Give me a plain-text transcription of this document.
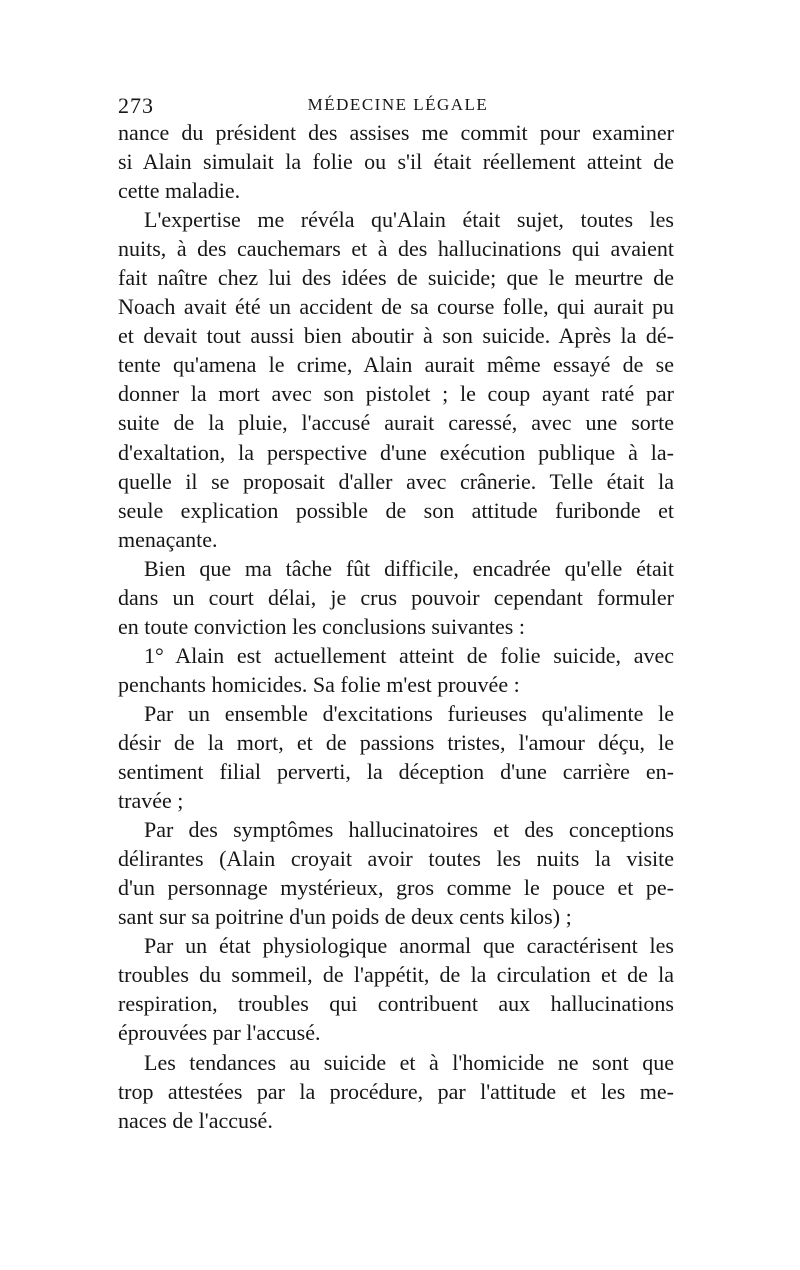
273	MÉDECINE LÉGALE
nance du président des assises me commit pour examiner
si Alain simulait la folie ou s'il était réellement atteint de
cette maladie.
L'expertise me révéla qu'Alain était sujet, toutes les
nuits, à des cauchemars et à des hallucinations qui avaient
fait naître chez lui des idées de suicide; que le meurtre de
Noach avait été un accident de sa course folle, qui aurait pu
et devait tout aussi bien aboutir à son suicide. Après la dé-
tente qu'amena le crime, Alain aurait même essayé de se
donner la mort avec son pistolet ; le coup ayant raté par
suite de la pluie, l'accusé aurait caressé, avec une sorte
d'exaltation, la perspective d'une exécution publique à la-
quelle il se proposait d'aller avec crânerie. Telle était la
seule explication possible de son attitude furibonde et
menaçante.
Bien que ma tâche fût difficile, encadrée qu'elle était
dans un court délai, je crus pouvoir cependant formuler
en toute conviction les conclusions suivantes :
1° Alain est actuellement atteint de folie suicide, avec
penchants homicides. Sa folie m'est prouvée :
Par un ensemble d'excitations furieuses qu'alimente le
désir de la mort, et de passions tristes, l'amour déçu, le
sentiment filial perverti, la déception d'une carrière en-
travée ;
Par des symptômes hallucinatoires et des conceptions
délirantes (Alain croyait avoir toutes les nuits la visite
d'un personnage mystérieux, gros comme le pouce et pe-
sant sur sa poitrine d'un poids de deux cents kilos) ;
Par un état physiologique anormal que caractérisent les
troubles du sommeil, de l'appétit, de la circulation et de la
respiration, troubles qui contribuent aux hallucinations
éprouvées par l'accusé.
Les tendances au suicide et à l'homicide ne sont que
trop attestées par la procédure, par l'attitude et les me-
naces de l'accusé.
